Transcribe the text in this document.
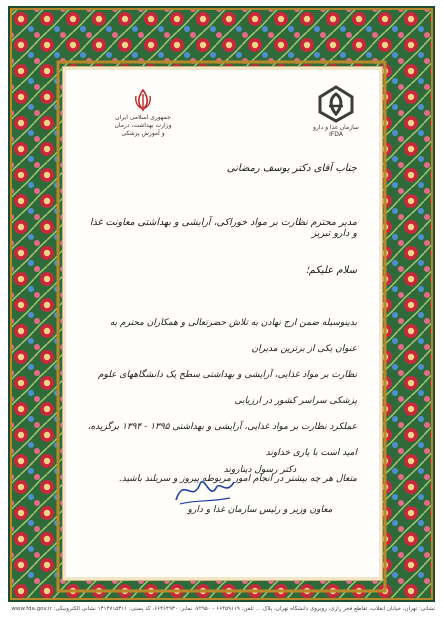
جمهوری اسلامی ایران
وزارت بهداشت، درمان
و آموزش پزشکی
سازمان غذا و دارو
IFDA
جناب آقای دکتر یوسف رمضانی
مدیر محترم نظارت بر مواد خوراکی، آرایشی و بهداشتی معاونت غذا و دارو تبریز
سلام علیکم؛
بدینوسیله ضمن ارج نهادن به تلاش حضرتعالی و همکاران محترم به عنوان یکی از برترین مدیران
نظارت بر مواد غذایی، آرایشی و بهداشتی سطح یک دانشگاههای علوم پزشکی سراسر کشور در ارزیابی
عملکرد نظارت بر مواد غذایی، آرایشی و بهداشتی ۱۳۹۵ - ۱۳۹۴ برگزیده، امید است با یاری خداوند
متعال هر چه بیشتر در انجام امور مربوطه پیروز و سربلند باشید.
دکتر رسول دیناروند
معاون وزیر و رئیس سازمان غذا و دارو
نشانی: تهران، خیابان انقلاب، تقاطع فخر رازی، روبروی دانشگاه تهران، پلاک ... تلفن: ۶۶۴۵۹۱۱۹ - ۷۲۹۵۰، نمابر: ۶۶۴۶۴۹۳۰، کد پستی: ۱۳۱۴۷۱۵۳۱۱ نشانی الکترونیکی: www.fda.gov.ir
